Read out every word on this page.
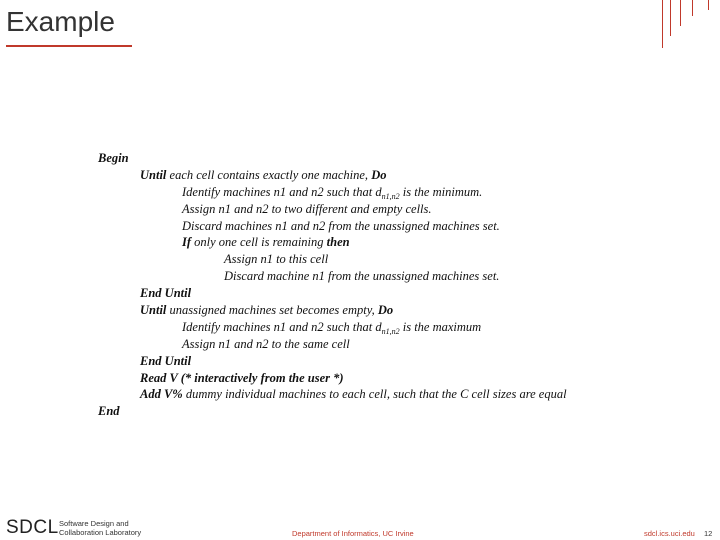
Example
Begin
Until each cell contains exactly one machine, Do
Identify machines n1 and n2 such that $d_{n1,n2}$ is the minimum.
Assign n1 and n2 to two different and empty cells.
Discard machines n1 and n2 from the unassigned machines set.
If only one cell is remaining then
Assign n1 to this cell
Discard machine n1 from the unassigned machines set.
End Until
Until unassigned machines set becomes empty, Do
Identify machines n1 and n2 such that $d_{n1,n2}$ is the maximum
Assign n1 and n2 to the same cell
End Until
Read V (* interactively from the user *)
Add V% dummy individual machines to each cell, such that the C cell sizes are equal
End
SDCL Software Design and
Collaboration Laboratory	Department of Informatics, UC Irvine	sdcl.ics.uci.edu 12
